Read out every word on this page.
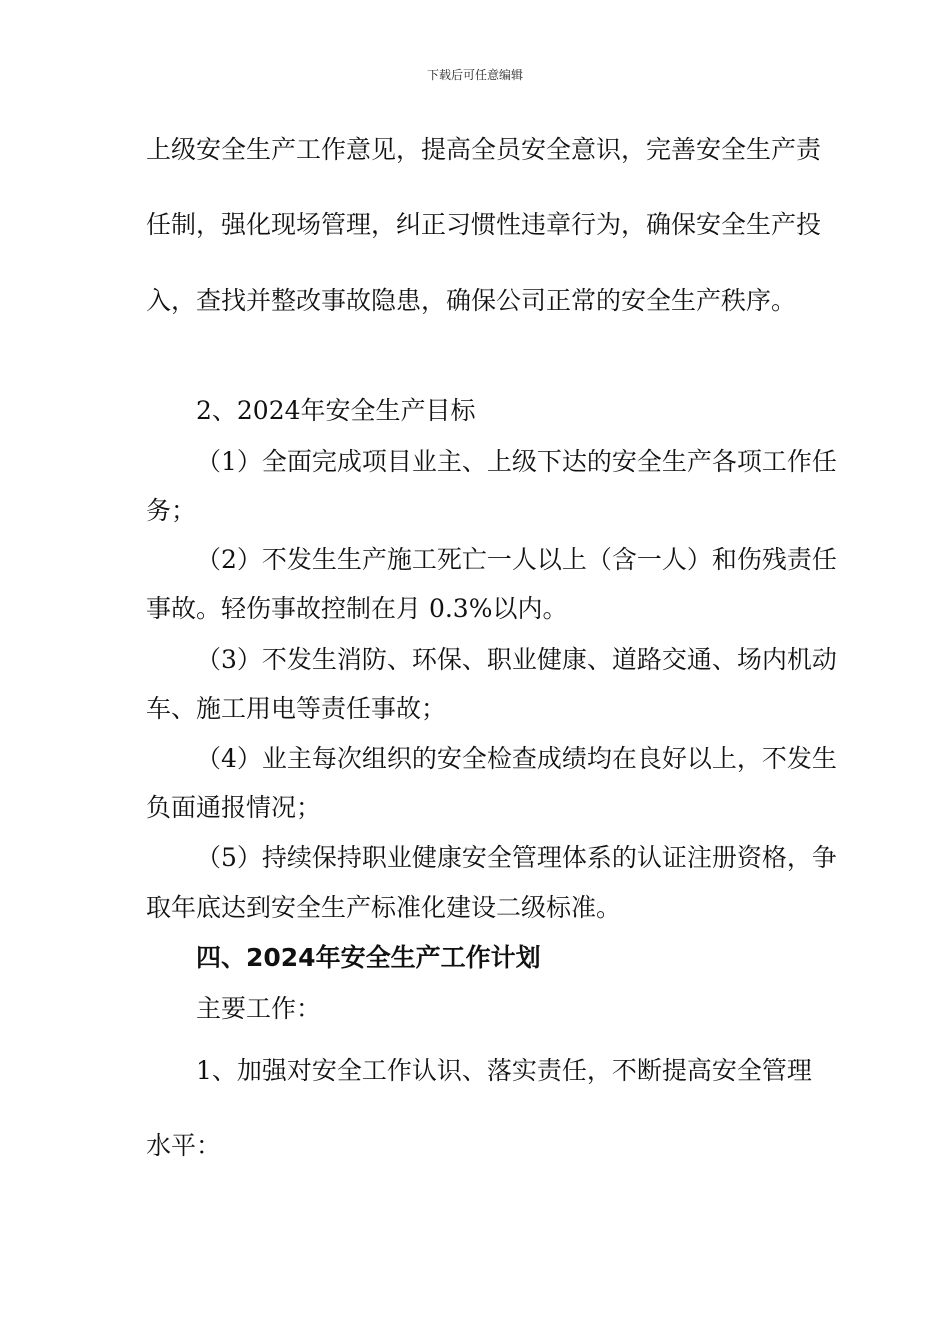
下载后可任意编辑
上级安全生产工作意见，提高全员安全意识，完善安全生产责
任制，强化现场管理，纠正习惯性违章行为，确保安全生产投
入，查找并整改事故隐患，确保公司正常的安全生产秩序。
2、2024年安全生产目标
（1）全面完成项目业主、上级下达的安全生产各项工作任
务；
（2）不发生生产施工死亡一人以上（含一人）和伤残责任
事故。轻伤事故控制在月 0.3%以内。
（3）不发生消防、环保、职业健康、道路交通、场内机动
车、施工用电等责任事故；
（4）业主每次组织的安全检查成绩均在良好以上，不发生
负面通报情况；
（5）持续保持职业健康安全管理体系的认证注册资格，争
取年底达到安全生产标准化建设二级标准。
四、2024年安全生产工作计划
主要工作：
1、加强对安全工作认识、落实责任，不断提高安全管理
水平：
